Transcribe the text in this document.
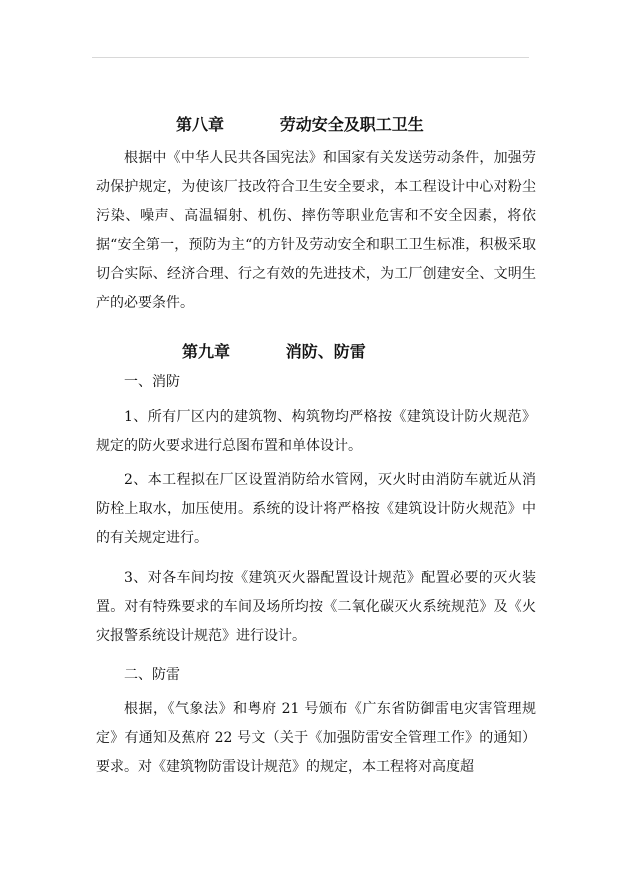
第八章          劳动安全及职工卫生

根据中《中华人民共各国宪法》和国家有关发送劳动条件，加强劳动保护规定，为使该厂技改符合卫生安全要求，本工程设计中心对粉尘污染、噪声、高温辐射、机伤、摔伤等职业危害和不安全因素，将依据“安全第一，预防为主“的方针及劳动安全和职工卫生标准，积极采取切合实际、经济合理、行之有效的先进技术，为工厂创建安全、文明生产的必要条件。

第九章          消防、防雷

一、消防

1、所有厂区内的建筑物、构筑物均严格按《建筑设计防火规范》规定的防火要求进行总图布置和单体设计。

2、本工程拟在厂区设置消防给水管网，灭火时由消防车就近从消防栓上取水，加压使用。系统的设计将严格按《建筑设计防火规范》中的有关规定进行。

3、对各车间均按《建筑灭火器配置设计规范》配置必要的灭火装置。对有特殊要求的车间及场所均按《二氧化碳灭火系统规范》及《火灾报警系统设计规范》进行设计。

二、防雷

根据，《气象法》和粤府 21 号颁布《广东省防御雷电灾害管理规定》有通知及蕉府 22 号文（关于《加强防雷安全管理工作》的通知）要求。对《建筑物防雷设计规范》的规定，本工程将对高度超
